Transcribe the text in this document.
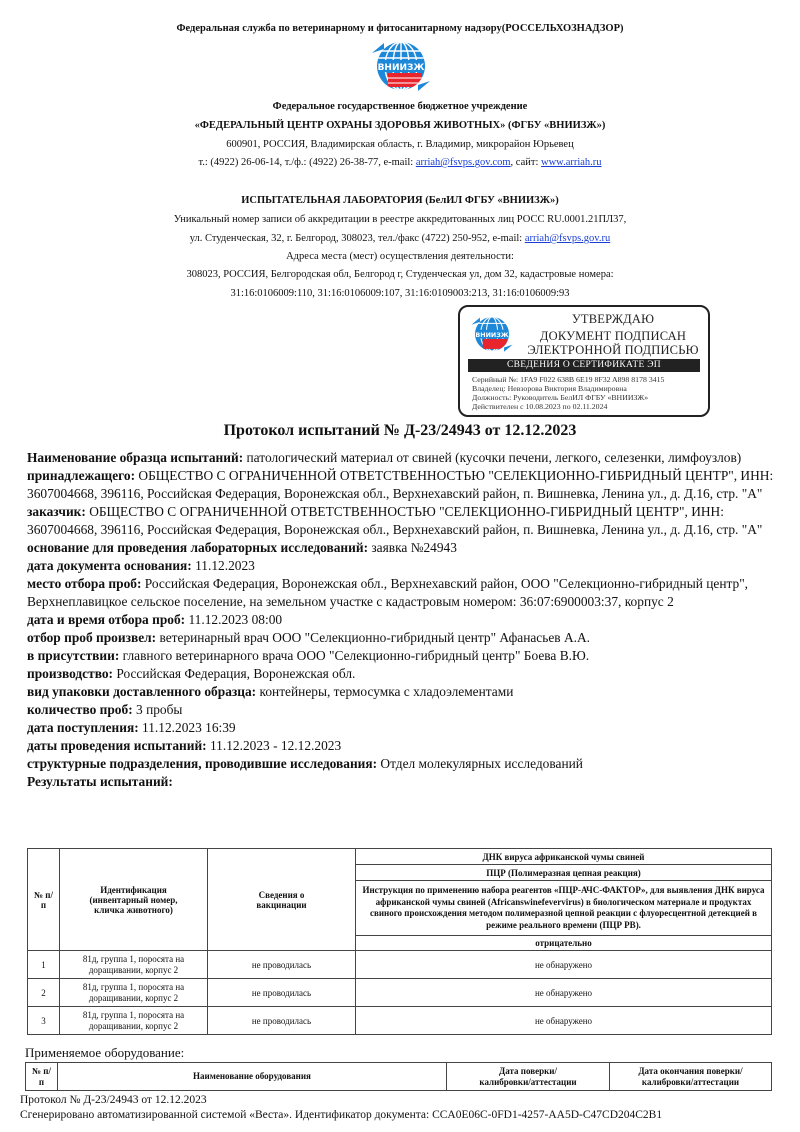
Федеральная служба по ветеринарному и фитосанитарному надзору(РОССЕЛЬХОЗНАДЗОР)
ВНИИЗЖ
Федеральное государственное бюджетное учреждение
«ФЕДЕРАЛЬНЫЙ ЦЕНТР ОХРАНЫ ЗДОРОВЬЯ ЖИВОТНЫХ» (ФГБУ «ВНИИЗЖ»)
600901, РОССИЯ, Владимирская область, г. Владимир, микрорайон Юрьевец
т.: (4922) 26-06-14, т./ф.: (4922) 26-38-77, e-mail: arriah@fsvps.gov.com, сайт: www.arriah.ru
ИСПЫТАТЕЛЬНАЯ ЛАБОРАТОРИЯ (БелИЛ ФГБУ «ВНИИЗЖ»)
Уникальный номер записи об аккредитации в реестре аккредитованных лиц РОСС RU.0001.21ПЛ37,
ул. Студенческая, 32, г. Белгород, 308023, тел./факс (4722) 250-952, e-mail: arriah@fsvps.gov.ru
Адреса места (мест) осуществления деятельности:
308023, РОССИЯ, Белгородская обл, Белгород г, Студенческая ул, дом 32, кадастровые номера:
31:16:0106009:110, 31:16:0106009:107, 31:16:0109003:213, 31:16:0106009:93
ВНИИЗЖ
УТВЕРЖДАЮ
ДОКУМЕНТ ПОДПИСАН
ЭЛЕКТРОННОЙ ПОДПИСЬЮ
СВЕДЕНИЯ О СЕРТИФИКАТЕ ЭП
Серийный №: 1FA9 F022 638B 6E19 8F32 A898 8178 3415
Владелец: Невзорова Виктория Владимировна
Должность: Руководитель БелИЛ ФГБУ «ВНИИЗЖ»
Действителен с 10.08.2023 по 02.11.2024
Протокол испытаний № Д-23/24943 от 12.12.2023

Наименование образца испытаний: патологический материал от свиней (кусочки печени, легкого, селезенки, лимфоузлов)

принадлежащего: ОБЩЕСТВО С ОГРАНИЧЕННОЙ ОТВЕТСТВЕННОСТЬЮ "СЕЛЕКЦИОННО-ГИБРИДНЫЙ ЦЕНТР", ИНН: 3607004668, 396116, Российская Федерация, Воронежская обл., Верхнехавский район, п. Вишневка, Ленина ул., д. Д.16, стр. "А"

заказчик: ОБЩЕСТВО С ОГРАНИЧЕННОЙ ОТВЕТСТВЕННОСТЬЮ "СЕЛЕКЦИОННО-ГИБРИДНЫЙ ЦЕНТР", ИНН: 3607004668, 396116, Российская Федерация, Воронежская обл., Верхнехавский район, п. Вишневка, Ленина ул., д. Д.16, стр. "А"

основание для проведения лабораторных исследований: заявка №24943

дата документа основания: 11.12.2023

место отбора проб: Российская Федерация, Воронежская обл., Верхнехавский район, ООО "Селекционно-гибридный центр", Верхнеплавицкое сельское поселение, на земельном участке с кадастровым номером: 36:07:6900003:37, корпус 2

дата и время отбора проб: 11.12.2023 08:00

отбор проб произвел: ветеринарный врач ООО "Селекционно-гибридный центр" Афанасьев А.А.

в присутствии: главного ветеринарного врача ООО "Селекционно-гибридный центр" Боева В.Ю.

производство: Российская Федерация, Воронежская обл.

вид упаковки доставленного образца: контейнеры, термосумка с хладоэлементами

количество проб: 3 пробы

дата поступления: 11.12.2023 16:39

даты проведения испытаний: 11.12.2023 - 12.12.2023

структурные подразделения, проводившие исследования: Отдел молекулярных исследований

Результаты испытаний:

№ п/п	Идентификация (инвентарный номер, кличка животного)	Сведения о вакцинации	ДНК вируса африканской чумы свиней
			ПЦР (Полимеразная цепная реакция)
			Инструкция по применению набора реагентов «ПЦР-АЧС-ФАКТОР», для выявления ДНК вируса африканской чумы свиней (Africanswinefevervirus) в биологическом материале и продуктах свиного происхождения методом полимеразной цепной реакции с флуоресцентной детекцией в режиме реального времени (ПЦР РВ).
			отрицательно

1	81д, группа 1, поросята на доращивании, корпус 2	не проводилась	не обнаружено
2	81д, группа 1, поросята на доращивании, корпус 2	не проводилась	не обнаружено
3	81д, группа 1, поросята на доращивании, корпус 2	не проводилась	не обнаружено
Применяемое оборудование:
№ п/п	Наименование оборудования	Дата поверки/калибровки/аттестации	Дата окончания поверки/калибровки/аттестации
Протокол № Д-23/24943 от 12.12.2023
Сгенерировано автоматизированной системой «Веста». Идентификатор документа: CCA0E06C-0FD1-4257-AA5D-C47CD204C2B1
